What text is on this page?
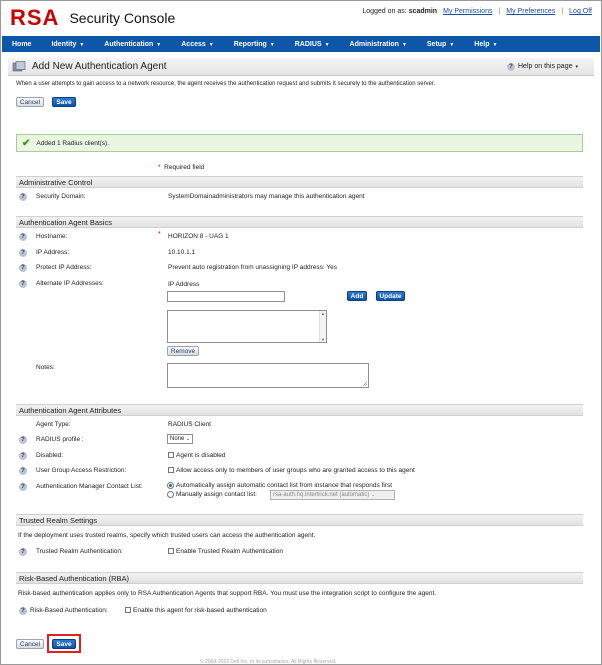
RSA Security Console	Logged on as: scadmin My Permissions | My Preferences | Log Off
Home	Identity ▼	Authentication ▼	Access ▼	Reporting ▼	RADIUS ▼	Administration ▼	Setup ▼	Help ▼
Add New Authentication Agent	? Help on this page ▾
When a user attempts to gain access to a network resource, the agent receives the authentication request and submits it securely to the authentication server.
Cancel	Save
✔ Added 1 Radius client(s).
* Required field
Administrative Control
?	Security Domain:	SystemDomainadministrators may manage this authentication agent
Authentication Agent Basics
?	Hostname:	* HORIZON 8 - UAG 1
?	IP Address:	10.10.1.1
?	Protect IP Address:	Prevent auto registration from unassigning IP address: Yes
?	Alternate IP Addresses:	IP Address
Add	Update
▲
▼
Remove
Notes:
Authentication Agent Attributes
Agent Type:	RADIUS Client
?	RADIUS profile :	None ⌄
?	Disabled:	Agent is disabled
?	User Group Access Restriction:	Allow access only to members of user groups who are granted access to this agent
?	Authentication Manager Contact List:	Automatically assign automatic contact list from instance that responds first
Manually assign contact list:	rsa-auth.hq.intertrick.net (automatic) ⌄
Trusted Realm Settings
If the deployment uses trusted realms, specify which trusted users can access the authentication agent.
?	Trusted Realm Authentication:	Enable Trusted Realm Authentication
Risk-Based Authentication (RBA)
Risk-based authentication applies only to RSA Authentication Agents that support RBA. You must use the integration script to configure the agent.
? Risk-Based Authentication:	Enable this agent for risk-based authentication
Cancel	Save
© 2004-2022 Dell Inc. or its subsidiaries. All Rights Reserved.
